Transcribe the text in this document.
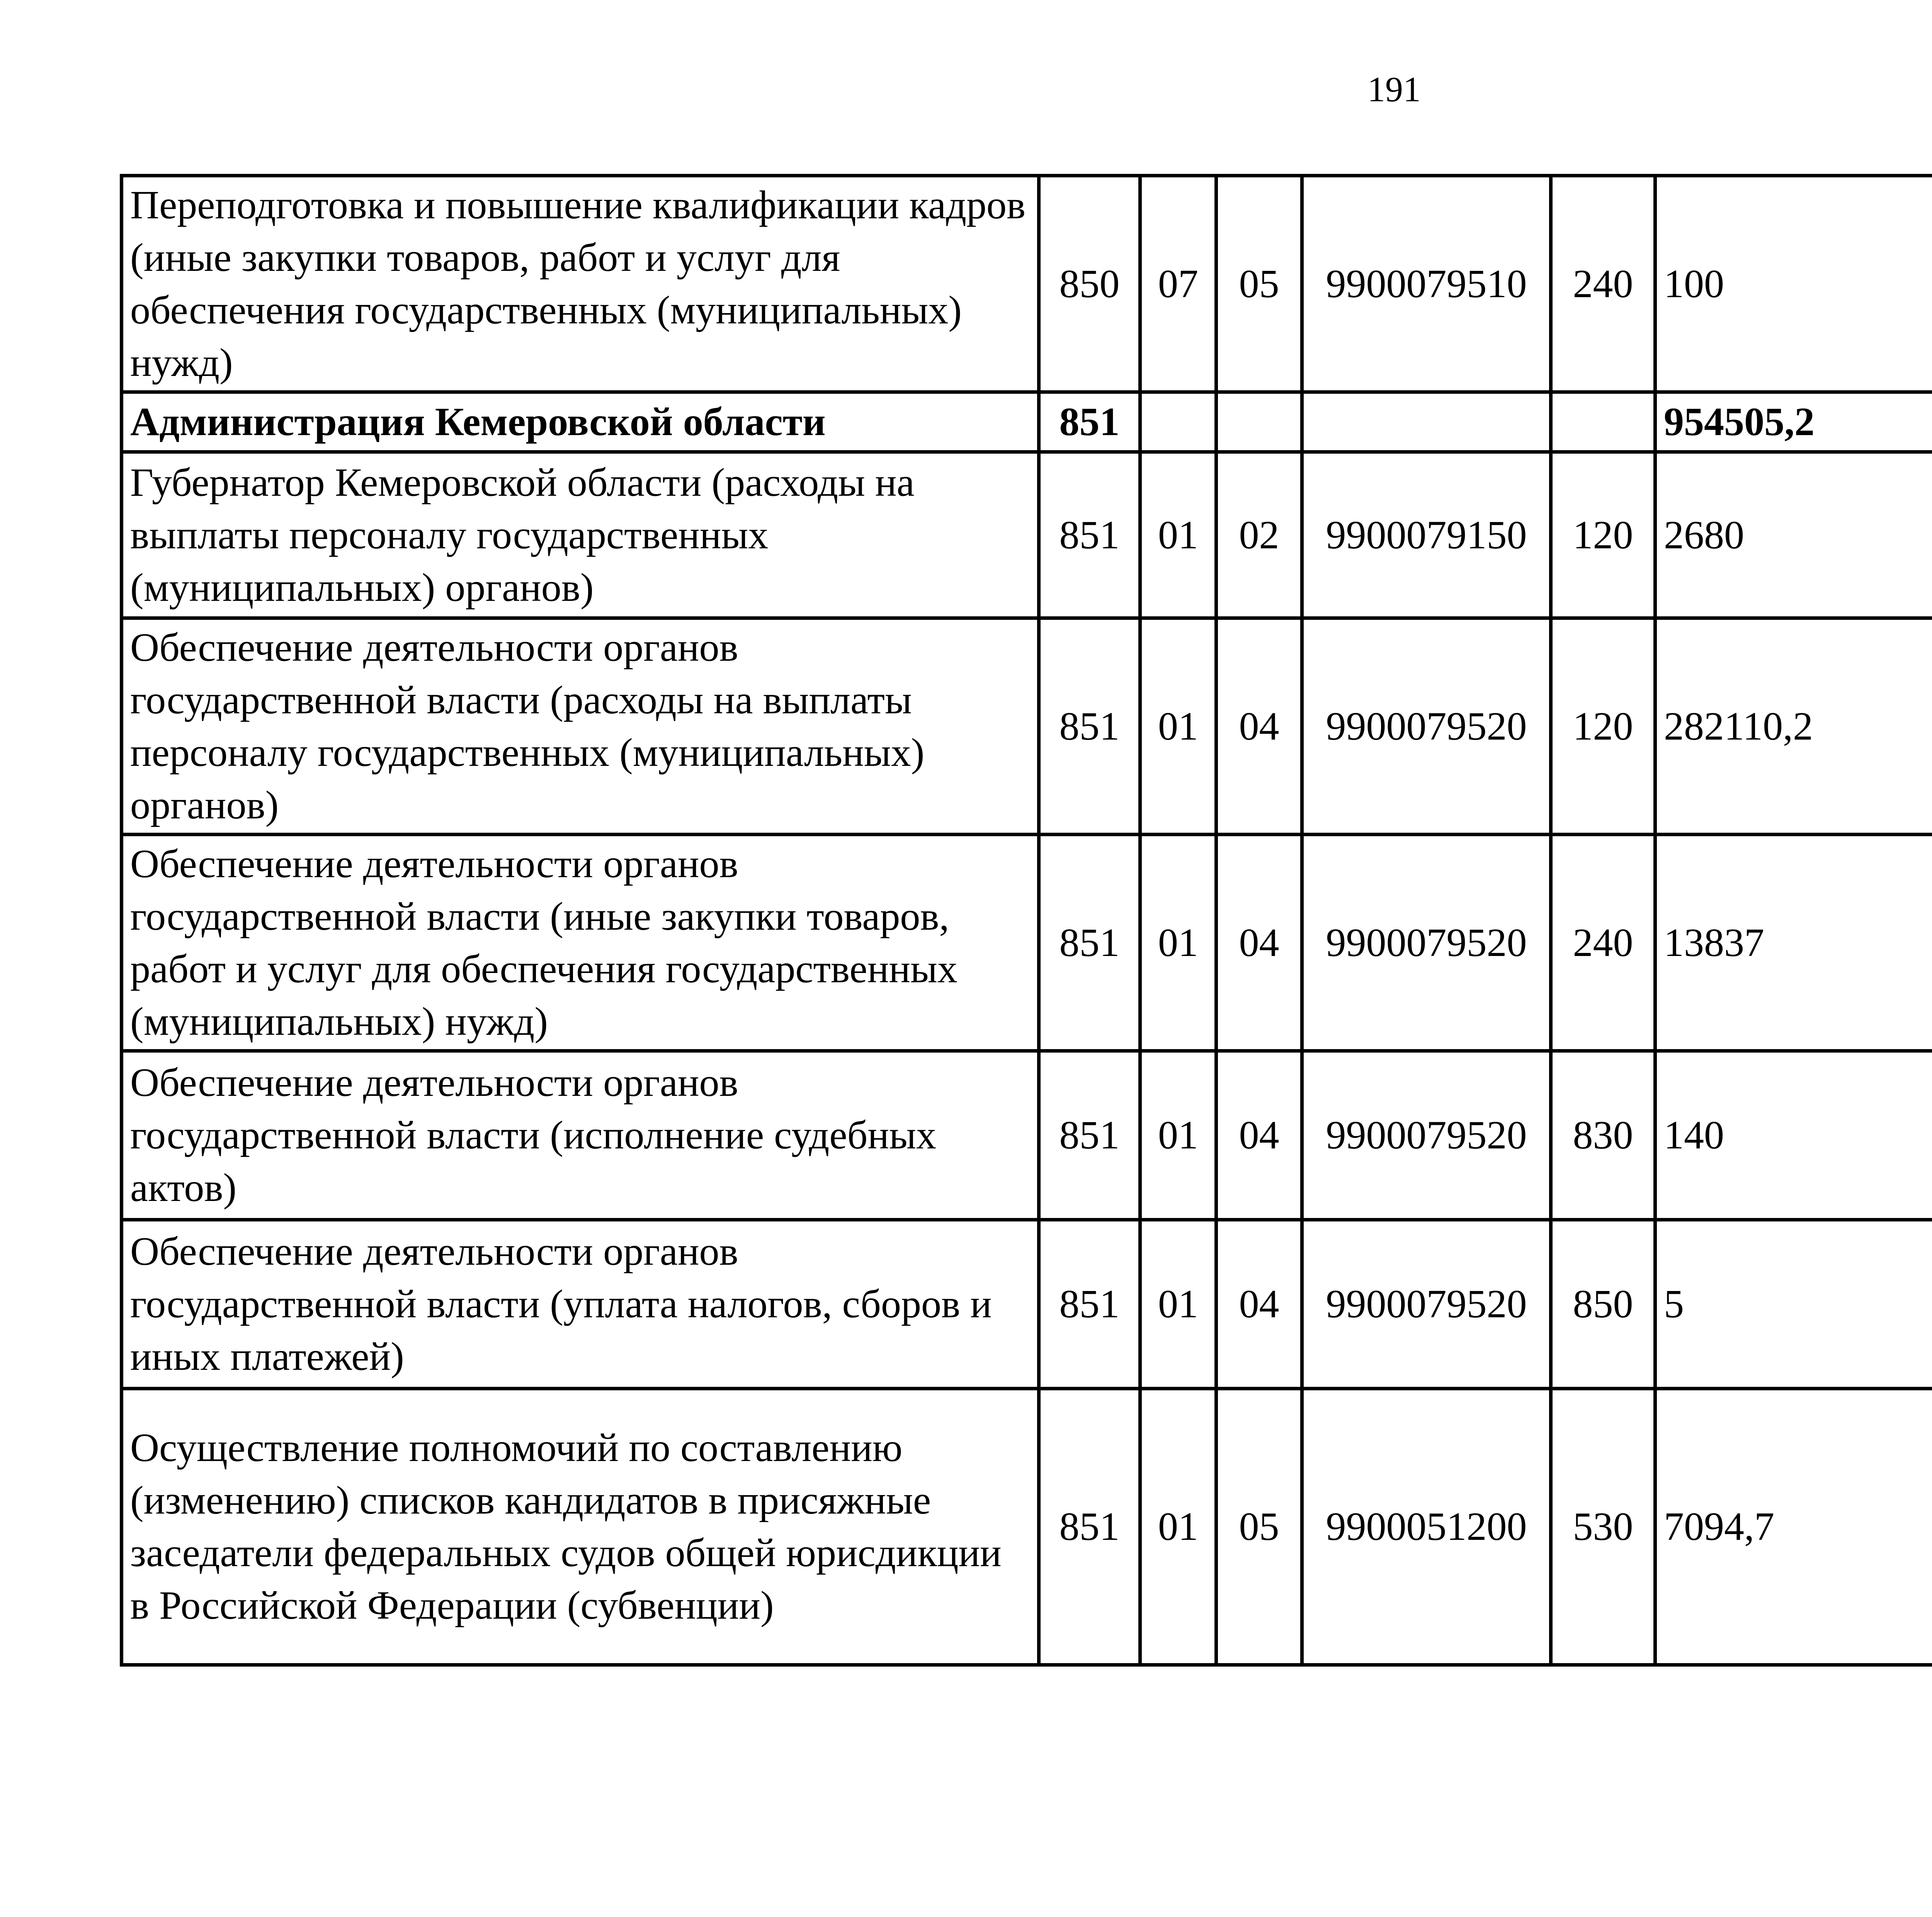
191
Переподготовка и повышение квалификации кадров (иные закупки товаров, работ и услуг для обеспечения государственных (муниципальных) нужд)	850	07	05	9900079510	240	100		
Администрация Кемеровской области	851					954505,2		
Губернатор Кемеровской области (расходы на выплаты персоналу государственных (муниципальных) органов)	851	01	02	9900079150	120	2680		
Обеспечение деятельности органов государственной власти (расходы на выплаты персоналу государственных (муниципальных) органов)	851	01	04	9900079520	120	282110,2		
Обеспечение деятельности органов государственной власти (иные закупки товаров, работ и услуг для обеспечения государственных (муниципальных) нужд)	851	01	04	9900079520	240	13837		
Обеспечение деятельности органов государственной власти (исполнение судебных актов)	851	01	04	9900079520	830	140		
Обеспечение деятельности органов государственной власти (уплата налогов, сборов и иных платежей)	851	01	04	9900079520	850	5		
Осуществление полномочий по составлению (изменению) списков кандидатов в присяжные заседатели федеральных судов общей юрисдикции в Российской Федерации (субвенции)	851	01	05	9900051200	530	7094,7		
